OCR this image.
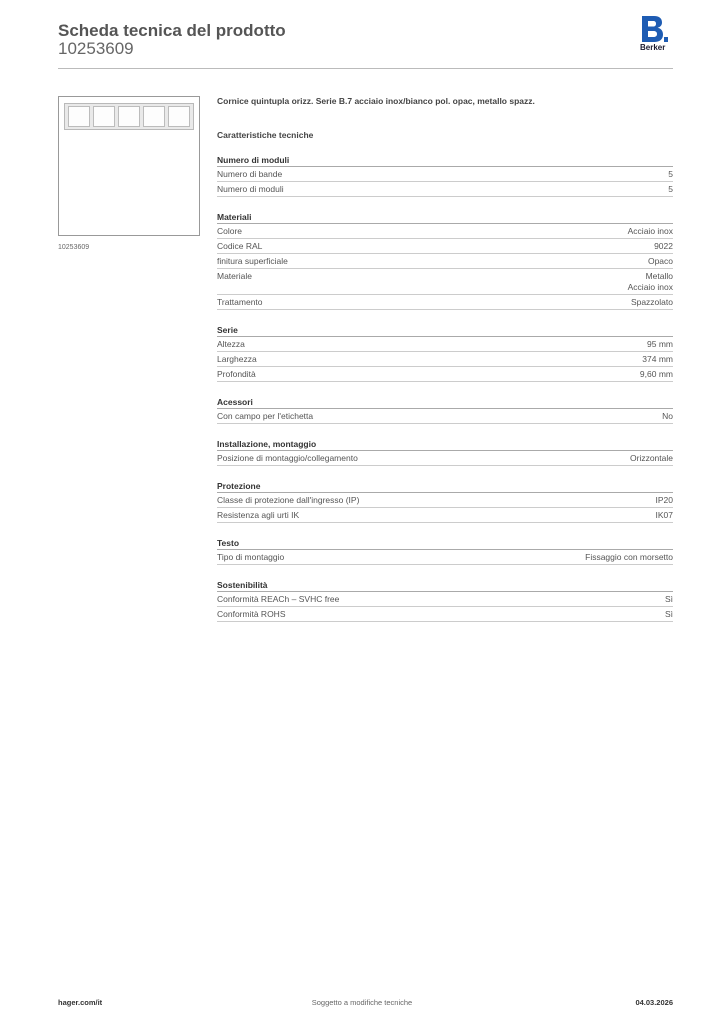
Scheda tecnica del prodotto
10253609	Berker
10253609
Cornice quintupla orizz. Serie B.7 acciaio inox/bianco pol. opac, metallo spazz.
Caratteristiche tecniche
Numero di moduli
Numero di bande	5
Numero di moduli	5
Materiali
Colore	Acciaio inox
Codice RAL	9022
finitura superficiale	Opaco
Materiale	Metallo
Acciaio inox
Trattamento	Spazzolato
Serie
Altezza	95 mm
Larghezza	374 mm
Profondità	9,60 mm
Acessori
Con campo per l'etichetta	No
Installazione, montaggio
Posizione di montaggio/collegamento	Orizzontale
Protezione
Classe di protezione dall'ingresso (IP)	IP20
Resistenza agli urti IK	IK07
Testo
Tipo di montaggio	Fissaggio con morsetto
Sostenibilità
Conformità REACh – SVHC free	Sì
Conformità ROHS	Sì
hager.com/it	Soggetto a modifiche tecniche	04.03.2026
